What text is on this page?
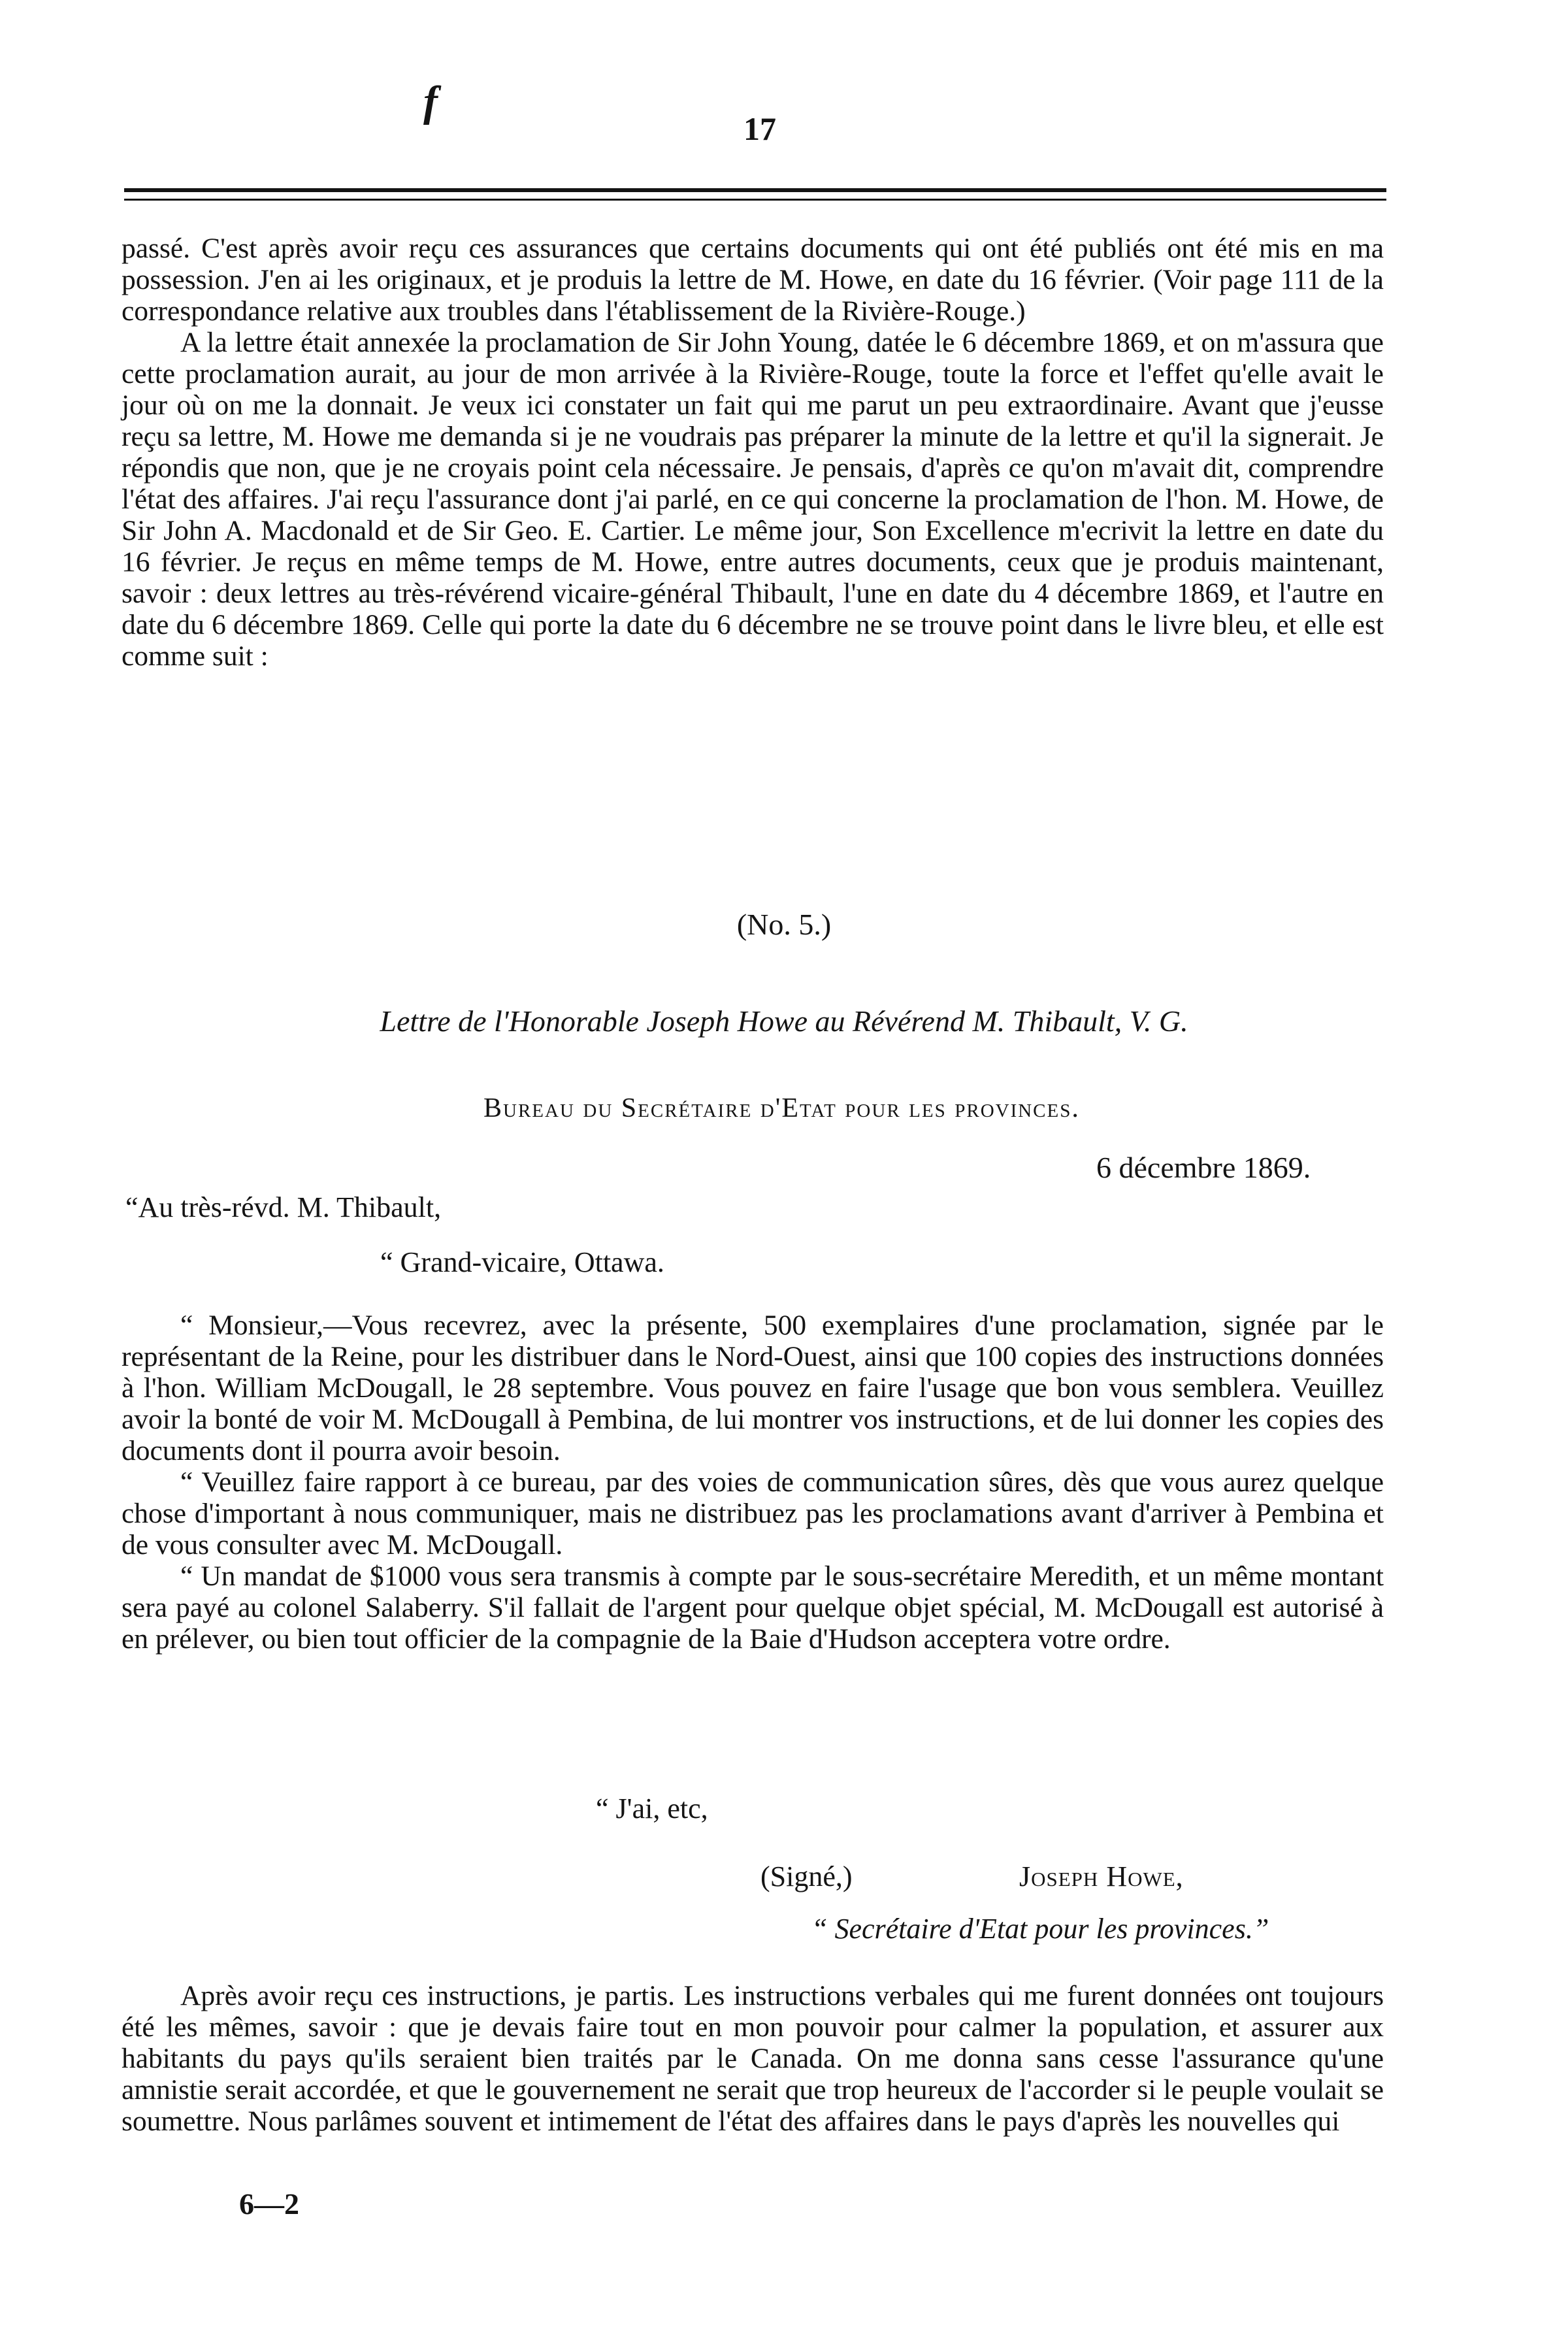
f
17

passé. C'est après avoir reçu ces assurances que certains documents qui ont été publiés ont été mis en ma possession. J'en ai les originaux, et je produis la lettre de M. Howe, en date du 16 février. (Voir page 111 de la correspondance relative aux troubles dans l'établissement de la Rivière-Rouge.)

A la lettre était annexée la proclamation de Sir John Young, datée le 6 décembre 1869, et on m'assura que cette proclamation aurait, au jour de mon arrivée à la Rivière-Rouge, toute la force et l'effet qu'elle avait le jour où on me la donnait. Je veux ici constater un fait qui me parut un peu extraordinaire. Avant que j'eusse reçu sa lettre, M. Howe me demanda si je ne voudrais pas préparer la minute de la lettre et qu'il la signerait. Je répondis que non, que je ne croyais point cela nécessaire. Je pensais, d'après ce qu'on m'avait dit, comprendre l'état des affaires. J'ai reçu l'assurance dont j'ai parlé, en ce qui concerne la proclamation de l'hon. M. Howe, de Sir John A. Macdonald et de Sir Geo. E. Cartier. Le même jour, Son Excellence m'ecrivit la lettre en date du 16 février. Je reçus en même temps de M. Howe, entre autres documents, ceux que je produis maintenant, savoir : deux lettres au très-révérend vicaire-général Thibault, l'une en date du 4 décembre 1869, et l'autre en date du 6 décembre 1869. Celle qui porte la date du 6 décembre ne se trouve point dans le livre bleu, et elle est comme suit :

(No. 5.)
Lettre de l'Honorable Joseph Howe au Révérend M. Thibault, V. G.
Bureau du Secrétaire d'Etat pour les provinces.
6 décembre 1869.
“Au très-révd. M. Thibault,
“ Grand-vicaire, Ottawa.

“ Monsieur,—Vous recevrez, avec la présente, 500 exemplaires d'une proclamation, signée par le représentant de la Reine, pour les distribuer dans le Nord-Ouest, ainsi que 100 copies des instructions données à l'hon. William McDougall, le 28 septembre. Vous pouvez en faire l'usage que bon vous semblera. Veuillez avoir la bonté de voir M. McDougall à Pembina, de lui montrer vos instructions, et de lui donner les copies des documents dont il pourra avoir besoin.

“ Veuillez faire rapport à ce bureau, par des voies de communication sûres, dès que vous aurez quelque chose d'important à nous communiquer, mais ne distribuez pas les proclamations avant d'arriver à Pembina et de vous consulter avec M. McDougall.

“ Un mandat de $1000 vous sera transmis à compte par le sous-secrétaire Meredith, et un même montant sera payé au colonel Salaberry. S'il fallait de l'argent pour quelque objet spécial, M. McDougall est autorisé à en prélever, ou bien tout officier de la compagnie de la Baie d'Hudson acceptera votre ordre.

“ J'ai, etc,
(Signé,)	Joseph Howe,
“ Secrétaire d'Etat pour les provinces.”

Après avoir reçu ces instructions, je partis. Les instructions verbales qui me furent données ont toujours été les mêmes, savoir : que je devais faire tout en mon pouvoir pour calmer la population, et assurer aux habitants du pays qu'ils seraient bien traités par le Canada. On me donna sans cesse l'assurance qu'une amnistie serait accordée, et que le gouvernement ne serait que trop heureux de l'accorder si le peuple voulait se soumettre. Nous parlâmes souvent et intimement de l'état des affaires dans le pays d'après les nouvelles qui

6—2
